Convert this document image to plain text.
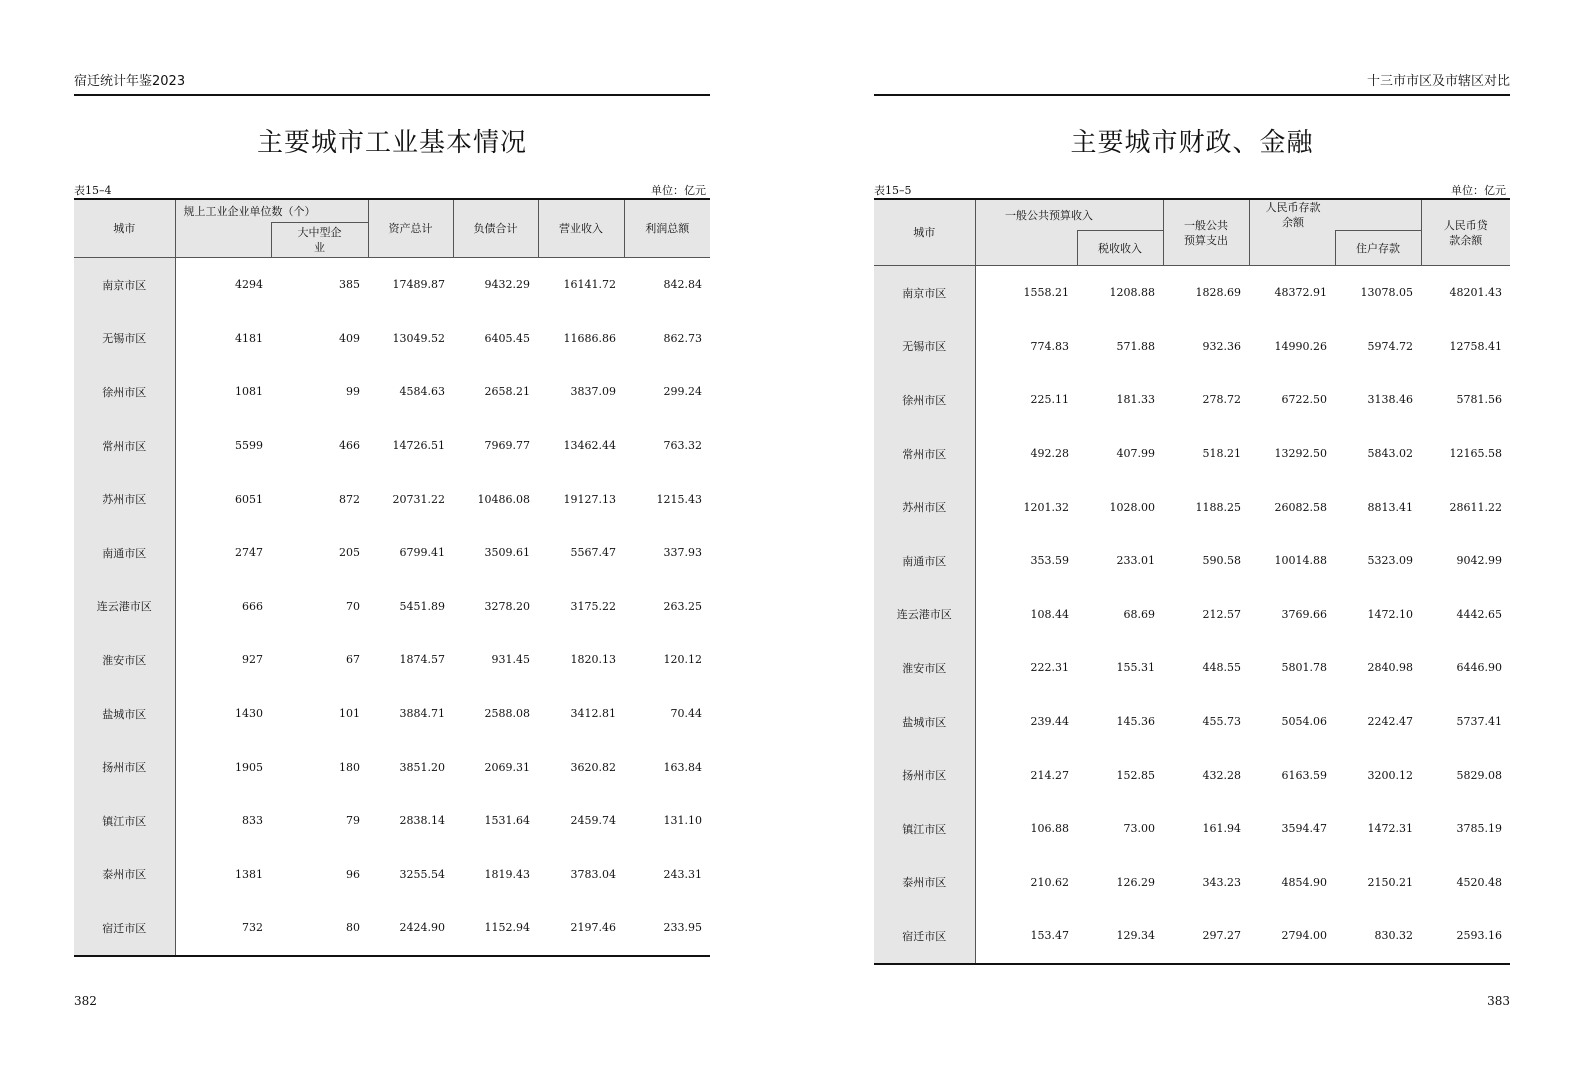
宿迁统计年鉴2023
主要城市工业基本情况
表15–4	单位：亿元
城市	规上工业企业单位数（个）		资产总计	负债合计	营业收入	利润总额
		大中型企　业				
南京市区	4294	385	17489.87	9432.29	16141.72	842.84
无锡市区	4181	409	13049.52	6405.45	11686.86	862.73
徐州市区	1081	99	4584.63	2658.21	3837.09	299.24
常州市区	5599	466	14726.51	7969.77	13462.44	763.32
苏州市区	6051	872	20731.22	10486.08	19127.13	1215.43
南通市区	2747	205	6799.41	3509.61	5567.47	337.93
连云港市区	666	70	5451.89	3278.20	3175.22	263.25
淮安市区	927	67	1874.57	931.45	1820.13	120.12
盐城市区	1430	101	3884.71	2588.08	3412.81	70.44
扬州市区	1905	180	3851.20	2069.31	3620.82	163.84
镇江市区	833	79	2838.14	1531.64	2459.74	131.10
泰州市区	1381	96	3255.54	1819.43	3783.04	243.31
宿迁市区	732	80	2424.90	1152.94	2197.46	233.95
382
十三市市区及市辖区对比
主要城市财政、金融
表15–5	单位：亿元
城市	一般公共预算收入		一般公共预算支出	人民币存款余额		人民币贷款余额
		税收收入			住户存款	
南京市区	1558.21	1208.88	1828.69	48372.91	13078.05	48201.43
无锡市区	774.83	571.88	932.36	14990.26	5974.72	12758.41
徐州市区	225.11	181.33	278.72	6722.50	3138.46	5781.56
常州市区	492.28	407.99	518.21	13292.50	5843.02	12165.58
苏州市区	1201.32	1028.00	1188.25	26082.58	8813.41	28611.22
南通市区	353.59	233.01	590.58	10014.88	5323.09	9042.99
连云港市区	108.44	68.69	212.57	3769.66	1472.10	4442.65
淮安市区	222.31	155.31	448.55	5801.78	2840.98	6446.90
盐城市区	239.44	145.36	455.73	5054.06	2242.47	5737.41
扬州市区	214.27	152.85	432.28	6163.59	3200.12	5829.08
镇江市区	106.88	73.00	161.94	3594.47	1472.31	3785.19
泰州市区	210.62	126.29	343.23	4854.90	2150.21	4520.48
宿迁市区	153.47	129.34	297.27	2794.00	830.32	2593.16
383
